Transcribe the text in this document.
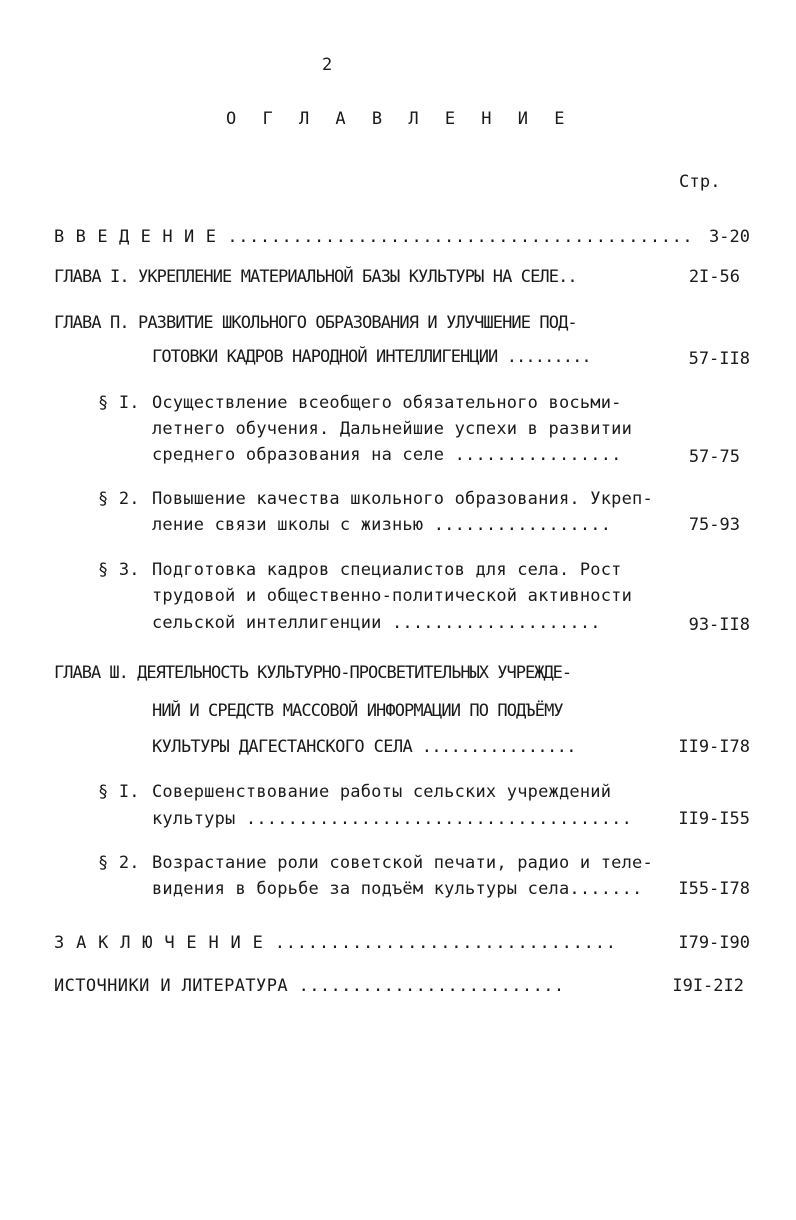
2
О Г Л А В Л Е Н И Е
Стр.
В В Е Д Е Н И Е ........................................... 3-20
ГЛАВА I. УКРЕПЛЕНИЕ МАТЕРИАЛЬНОЙ БАЗЫ КУЛЬТУРЫ НА СЕЛЕ..	2I-56
ГЛАВА П. РАЗВИТИЕ ШКОЛЬНОГО ОБРАЗОВАНИЯ И УЛУЧШЕНИЕ ПОД-
ГОТОВКИ КАДРОВ НАРОДНОЙ ИНТЕЛЛИГЕНЦИИ .........	57-II8
§ I. Осуществление всеобщего обязательного восьми-
летнего обучения. Дальнейшие успехи в развитии
среднего образования на селе ................	57-75
§ 2. Повышение качества школьного образования. Укреп-
ление связи школы с жизнью .................	75-93
§ 3. Подготовка кадров специалистов для села. Рост
трудовой и общественно-политической активности
сельской интеллигенции ....................	93-II8
ГЛАВА Ш. ДЕЯТЕЛЬНОСТЬ КУЛЬТУРНО-ПРОСВЕТИТЕЛЬНЫХ УЧРЕЖДЕ-
НИЙ И СРЕДСТВ МАССОВОЙ ИНФОРМАЦИИ ПО ПОДЪЁМУ
КУЛЬТУРЫ ДАГЕСТАНСКОГО СЕЛА ................	II9-I78
§ I. Совершенствование работы сельских учреждений
культуры .....................................	II9-I55
§ 2. Возрастание роли советской печати, радио и теле-
видения в борьбе за подъём культуры села....... I55-I78
З А К Л Ю Ч Е Н И Е ...............................	I79-I90
ИСТОЧНИКИ И ЛИТЕРАТУРА .........................	I9I-2I2
